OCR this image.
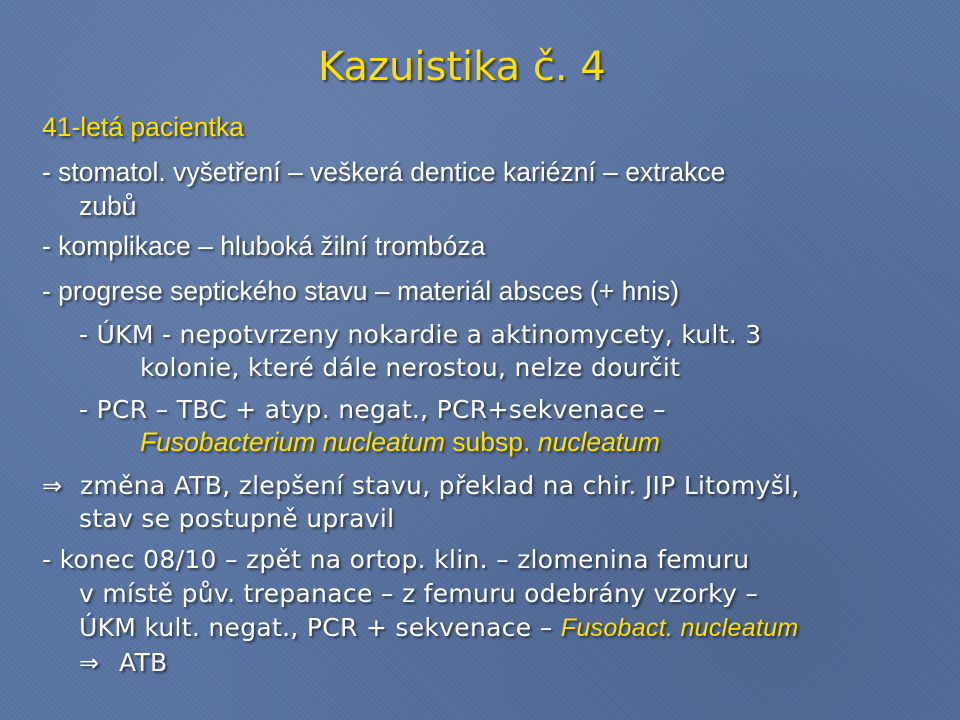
Kazuistika č. 4

41-letá pacientka

- stomatol. vyšetření – veškerá dentice kariézní – extrakce

zubů

- komplikace – hluboká žilní trombóza

- progrese septického stavu – materiál absces (+ hnis)

- ÚKM - nepotvrzeny nokardie a aktinomycety, kult. 3

kolonie, které dále nerostou, nelze dourčit

- PCR – TBC + atyp. negat., PCR+sekvenace –

Fusobacterium nucleatum subsp. nucleatum

⇒ změna ATB, zlepšení stavu, překlad na chir. JIP Litomyšl,

stav se postupně upravil

- konec 08/10 – zpět na ortop. klin. – zlomenina femuru

v místě pův. trepanace – z femuru odebrány vzorky –

ÚKM kult. negat., PCR + sekvenace – Fusobact. nucleatum

⇒ ATB
